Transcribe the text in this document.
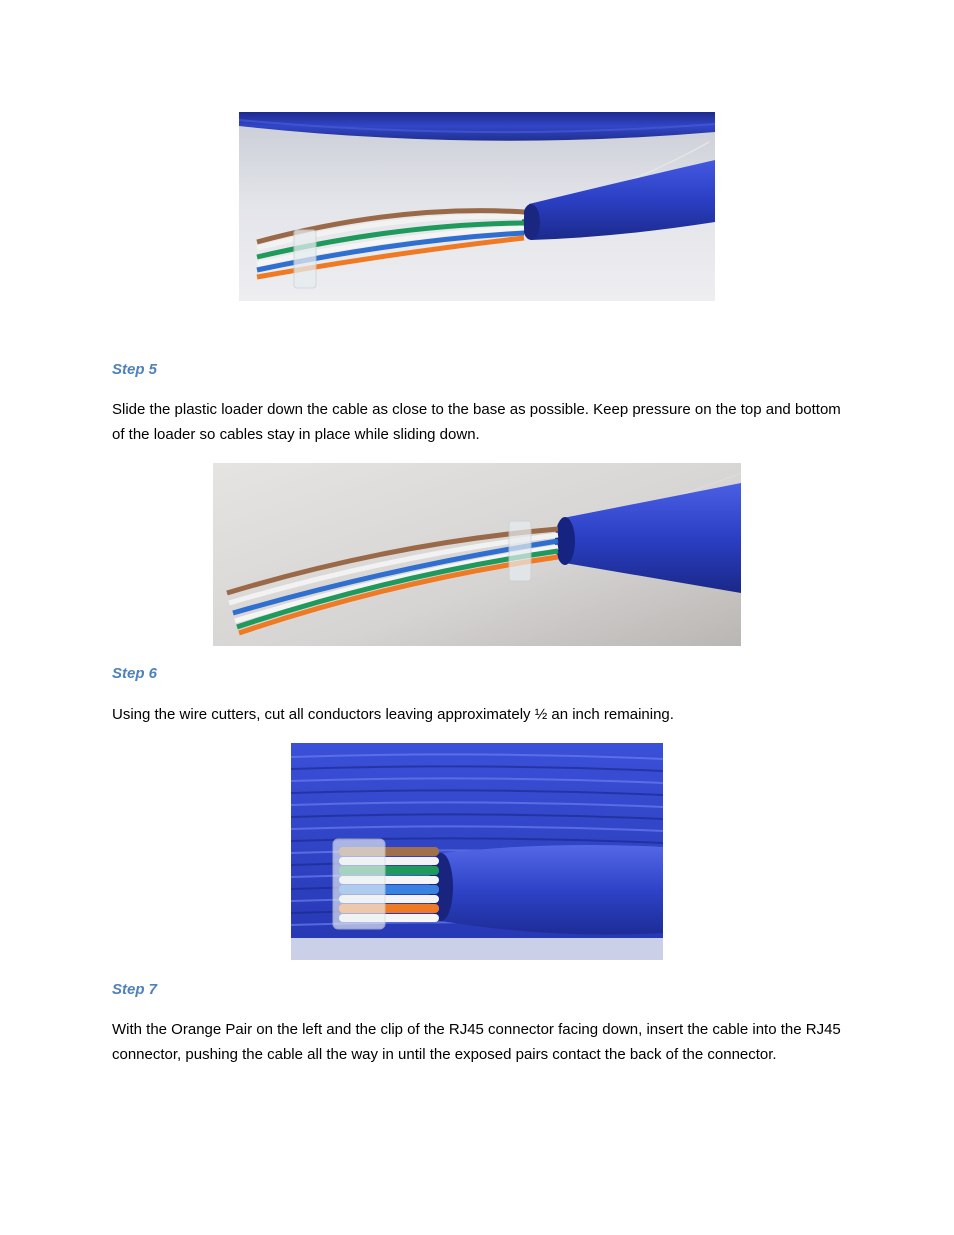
Step 5

Slide the plastic loader down the cable as close to the base as possible. Keep pressure on the top and bottom of the loader so cables stay in place while sliding down.

Step 6

Using the wire cutters, cut all conductors leaving approximately ½ an inch remaining.

Step 7

With the Orange Pair on the left and the clip of the RJ45 connector facing down, insert the cable into the RJ45 connector, pushing the cable all the way in until the exposed pairs contact the back of the connector.
